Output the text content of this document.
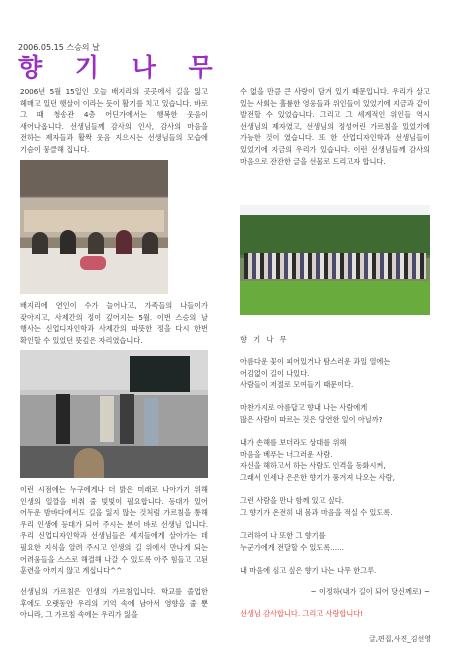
2006.05.15 스승의 날
향 기 나 무
2006년 5월 15일인 오늘 배지리의 곳곳에서 길을 잃고 헤매고 있던 햇살이 이라는 듯이 활기를 치고 있습니다. 바로 그 때 청송관 4층 어딘가에서는 행복한 웃음이 새어나옵니다. 선생님들께 감사의 인사, 감사의 마음을 전하는 제자들과 활짝 웃음 지으시는 선생님들의 모습에 기슴이 뭉클해 집니다.
배지리에 연인이 수가 늘어나고, 가족들의 나들이가 잦아지고, 사제간의 정이 깊어지는 5월. 이번 스승의 날 행사는 신업디자인학과 사제간의 따뜻한 정을 다시 한번 확인할 수 있었던 뜻깊은 자리였습니다.
이런 시점에는 누구에게나 더 밝은 미래로 나아가기 위해 인생의 일깔을 비춰 줄 빛빛이 필요합니다. 등대가 있어 어두운 밤바다에서도 길을 잃지 않는 것처럼 가르침을 통해 우리 인생에 등대가 되어 주시는 분이 바로 선생님 입니다. 우리 신업디자인학과 선생님들은 세지들에게 살아가는 데 필요한 지식을 알려 주시고 인생의 길 위에서 만나게 되는 어려움들을 스스로 해결해 나갈 수 있도록 아주 힘들고 고된 훈련을 아끼지 않고 계십니다^^
선생님의 가르침은 인생의 가르침입니다. 학교를 졸업한 후에도 오랫동안 우리의 기억 속에 남아서 영향을 줄 뿐 아니라, 그 가르침 속에는 우리가 잃을
수 없을 만큼 큰 사랑이 담겨 있기 때문입니다. 우리가 살고 있는 사회는 훌륭한 영웅들과 위인들이 있었기에 지금과 같이 발전할 수 있었습니다. 그리고 그 세계적인 위인들 역시 선생님의 제자였고, 선생님의 정성어린 가르침을 있었기에 가능한 것이 였습니다. 또 한 산업디자인학과 선생님들이 있었기에 지금의 우리가 있습니다. 이런 선생님들께 감사의 마음으로 잔잔한 글을 선물로 드리고자 합니다.
향 기 나 무
아름다운 꽃이 피어있거나 탐스러운 과일 열에는
어김없이 길이 나있다.
사람들이 저절로 모여들기 때문이다.
마찬가지로 아름답고 향내 나는 사람에게
많은 사람이 따르는 것은 당연한 일이 아닐까?
내가 손해를 보더라도 상대를 위해
마음을 베푸는 너그러운 사람.
자신을 해하고서 하는 사람도 인격을 동화시켜,
그래서 인세나 은은한 향기가 풍겨져 나오는 사람,
그런 사람을 만나 함께 있고 싶다.
그 향기가 온전히 내 몸과 마음을 적실 수 있도록.
그러하여 나 또한 그 향기를
누군가에게 전달할 수 있도록......
내 마음에 심고 싶은 향기 나는 나무 한그루.
~ 이정하(내가 길이 되어 당신께로) ~
선생님 감사합니다. 그리고 사랑합니다!
글,편집,사진_김선영
